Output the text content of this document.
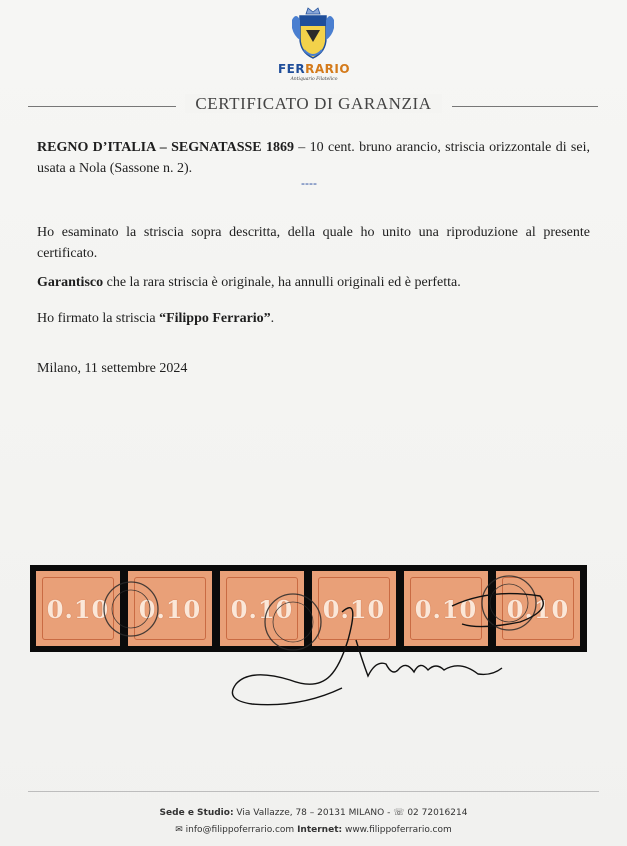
FERRARIO
Antiquario Filatelico
CERTIFICATO DI GARANZIA
REGNO D’ITALIA – SEGNATASSE 1869 – 10 cent. bruno arancio, striscia orizzontale di sei, usata a Nola (Sassone n. 2).
----
Ho esaminato la striscia sopra descritta, della quale ho unito una riproduzione al presente certificato.
Garantisco che la rara striscia è originale, ha annulli originali ed è perfetta.
Ho firmato la striscia “Filippo Ferrario”.
Milano, 11 settembre 2024
0.10	0.10	0.10	0.10	0.10	0.10
Sede e Studio: Via Vallazze, 78 – 20131 MILANO - ☏ 02 72016214
✉ info@filippoferrario.com Internet: www.filippoferrario.com
